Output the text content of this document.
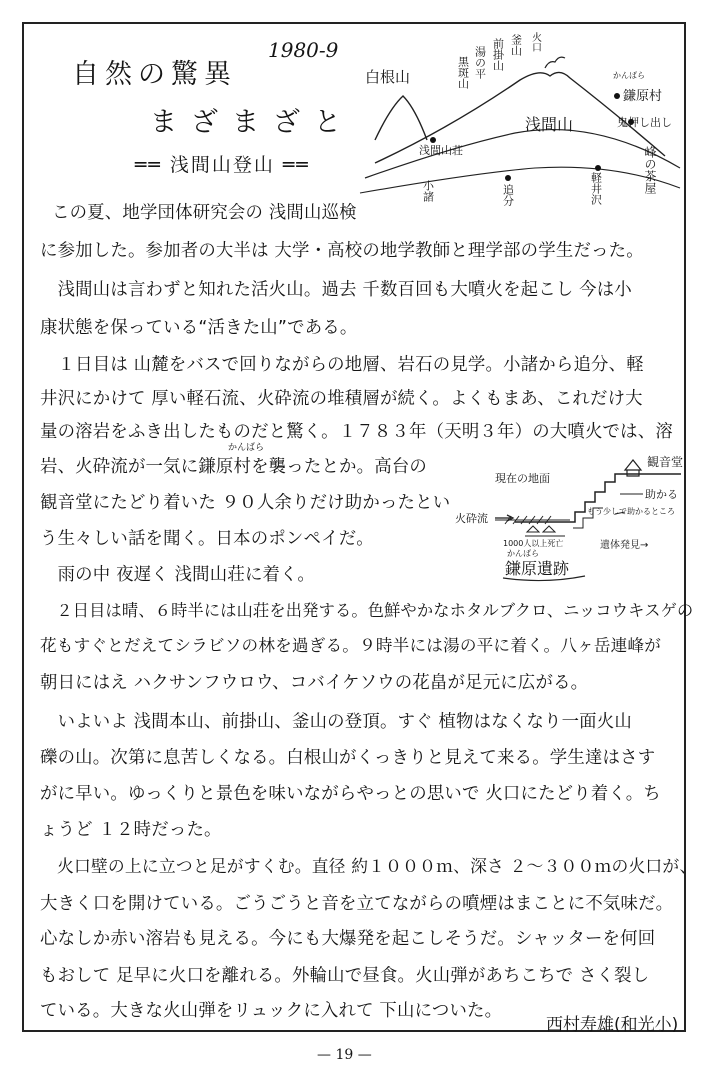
1980-9
自然の驚異
まざまざと
══ 浅間山登山 ══
白根山
浅間山
浅間山荘
黒斑山 湯の平 前掛山 釜山 火口
かんばら
鎌原村
鬼押し出し
峰の茶屋
小諸	追分	軽井沢
この夏、地学団体研究会の 浅間山巡検
に参加した。参加者の大半は 大学・高校の地学教師と理学部の学生だった。
　浅間山は言わずと知れた活火山。過去 千数百回も大噴火を起こし 今は小
康状態を保っている“活きた山”である。
　１日目は 山麓をバスで回りながらの地層、岩石の見学。小諸から追分、軽
井沢にかけて 厚い軽石流、火砕流の堆積層が続く。よくもまあ、これだけ大
量の溶岩をふき出したものだと驚く。１７８３年（天明３年）の大噴火では、溶
かんばら
岩、火砕流が一気に鎌原村を襲ったとか。高台の
観音堂にたどり着いた ９０人余りだけ助かったとい
う生々しい話を聞く。日本のポンペイだ。
　雨の中 夜遅く 浅間山荘に着く。
　２日目は晴、６時半には山荘を出発する。色鮮やかなホタルブクロ、ニッコウキスゲの
花もすぐとだえてシラビソの林を過ぎる。９時半には湯の平に着く。八ヶ岳連峰が
朝日にはえ ハクサンフウロウ、コバイケソウの花畠が足元に広がる。
　いよいよ 浅間本山、前掛山、釜山の登頂。すぐ 植物はなくなり一面火山
礫の山。次第に息苦しくなる。白根山がくっきりと見えて来る。学生達はさす
がに早い。ゆっくりと景色を味いながらやっとの思いで 火口にたどり着く。ち
ょうど １２時だった。
　火口壁の上に立つと足がすくむ。直径 約１０００ｍ、深さ ２～３００ｍの火口が、
大きく口を開けている。ごうごうと音を立てながらの噴煙はまことに不気味だ。
心なしか赤い溶岩も見える。今にも大爆発を起こしそうだ。シャッターを何回
もおして 足早に火口を離れる。外輪山で昼食。火山弾があちこちで さく裂し
ている。大きな火山弾をリュックに入れて 下山についた。
観音堂
現在の地面
助かる
火砕流
1000人以上死亡
もう少しで助かるところ
遺体発見→
かんばら
鎌原遺跡
西村寿雄(和光小)
— 19 —
